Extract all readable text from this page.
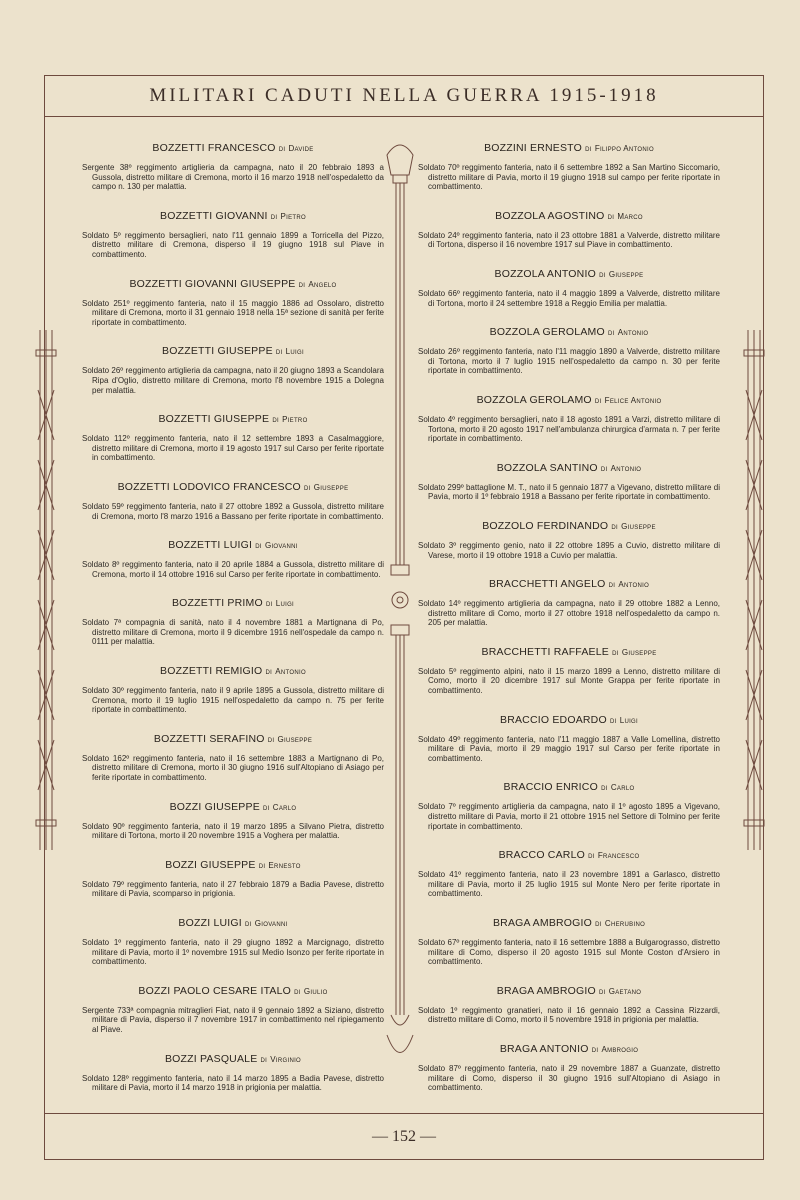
MILITARI CADUTI NELLA GUERRA 1915-1918
BOZZETTI FRANCESCO di Davide
Sergente 38º reggimento artiglieria da campagna, nato il 20 febbraio 1893 a Gussola, distretto militare di Cremona, morto il 16 marzo 1918 nell'ospedaletto da campo n. 130 per malattia.
BOZZETTI GIOVANNI di Pietro
Soldato 5º reggimento bersaglieri, nato l'11 gennaio 1899 a Torricella del Pizzo, distretto militare di Cremona, disperso il 19 giugno 1918 sul Piave in combattimento.
BOZZETTI GIOVANNI GIUSEPPE di Angelo
Soldato 251º reggimento fanteria, nato il 15 maggio 1886 ad Ossolaro, distretto militare di Cremona, morto il 31 gennaio 1918 nella 15ª sezione di sanità per ferite riportate in combattimento.
BOZZETTI GIUSEPPE di Luigi
Soldato 26º reggimento artiglieria da campagna, nato il 20 giugno 1893 a Scandolara Ripa d'Oglio, distretto militare di Cremona, morto l'8 novembre 1915 a Dolegna per malattia.
BOZZETTI GIUSEPPE di Pietro
Soldato 112º reggimento fanteria, nato il 12 settembre 1893 a Casalmaggiore, distretto militare di Cremona, morto il 19 agosto 1917 sul Carso per ferite riportate in combattimento.
BOZZETTI LODOVICO FRANCESCO di Giuseppe
Soldato 59º reggimento fanteria, nato il 27 ottobre 1892 a Gussola, distretto militare di Cremona, morto l'8 marzo 1916 a Bassano per ferite riportate in combattimento.
BOZZETTI LUIGI di Giovanni
Soldato 8º reggimento fanteria, nato il 20 aprile 1884 a Gussola, distretto militare di Cremona, morto il 14 ottobre 1916 sul Carso per ferite riportate in combattimento.
BOZZETTI PRIMO di Luigi
Soldato 7ª compagnia di sanità, nato il 4 novembre 1881 a Martignana di Po, distretto militare di Cremona, morto il 9 dicembre 1916 nell'ospedale da campo n. 0111 per malattia.
BOZZETTI REMIGIO di Antonio
Soldato 30º reggimento fanteria, nato il 9 aprile 1895 a Gussola, distretto militare di Cremona, morto il 19 luglio 1915 nell'ospedaletto da campo n. 75 per ferite riportate in combattimento.
BOZZETTI SERAFINO di Giuseppe
Soldato 162º reggimento fanteria, nato il 16 settembre 1883 a Martignano di Po, distretto militare di Cremona, morto il 30 giugno 1916 sull'Altopiano di Asiago per ferite riportate in combattimento.
BOZZI GIUSEPPE di Carlo
Soldato 90º reggimento fanteria, nato il 19 marzo 1895 a Silvano Pietra, distretto militare di Tortona, morto il 20 novembre 1915 a Voghera per malattia.
BOZZI GIUSEPPE di Ernesto
Soldato 79º reggimento fanteria, nato il 27 febbraio 1879 a Badia Pavese, distretto militare di Pavia, scomparso in prigionia.
BOZZI LUIGI di Giovanni
Soldato 1º reggimento fanteria, nato il 29 giugno 1892 a Marcignago, distretto militare di Pavia, morto il 1º novembre 1915 sul Medio Isonzo per ferite riportate in combattimento.
BOZZI PAOLO CESARE ITALO di Giulio
Sergente 733ª compagnia mitraglieri Fiat, nato il 9 gennaio 1892 a Siziano, distretto militare di Pavia, disperso il 7 novembre 1917 in combattimento nel ripiegamento al Piave.
BOZZI PASQUALE di Virginio
Soldato 128º reggimento fanteria, nato il 14 marzo 1895 a Badia Pavese, distretto militare di Pavia, morto il 14 marzo 1918 in prigionia per malattia.
BOZZINI ERNESTO di Filippo Antonio
Soldato 70º reggimento fanteria, nato il 6 settembre 1892 a San Martino Siccomario, distretto militare di Pavia, morto il 19 giugno 1918 sul campo per ferite riportate in combattimento.
BOZZOLA AGOSTINO di Marco
Soldato 24º reggimento fanteria, nato il 23 ottobre 1881 a Valverde, distretto militare di Tortona, disperso il 16 novembre 1917 sul Piave in combattimento.
BOZZOLA ANTONIO di Giuseppe
Soldato 66º reggimento fanteria, nato il 4 maggio 1899 a Valverde, distretto militare di Tortona, morto il 24 settembre 1918 a Reggio Emilia per malattia.
BOZZOLA GEROLAMO di Antonio
Soldato 26º reggimento fanteria, nato l'11 maggio 1890 a Valverde, distretto militare di Tortona, morto il 7 luglio 1915 nell'ospedaletto da campo n. 30 per ferite riportate in combattimento.
BOZZOLA GEROLAMO di Felice Antonio
Soldato 4º reggimento bersaglieri, nato il 18 agosto 1891 a Varzi, distretto militare di Tortona, morto il 20 agosto 1917 nell'ambulanza chirurgica d'armata n. 7 per ferite riportate in combattimento.
BOZZOLA SANTINO di Antonio
Soldato 299º battaglione M. T., nato il 5 gennaio 1877 a Vigevano, distretto militare di Pavia, morto il 1º febbraio 1918 a Bassano per ferite riportate in combattimento.
BOZZOLO FERDINANDO di Giuseppe
Soldato 3º reggimento genio, nato il 22 ottobre 1895 a Cuvio, distretto militare di Varese, morto il 19 ottobre 1918 a Cuvio per malattia.
BRACCHETTI ANGELO di Antonio
Soldato 14º reggimento artiglieria da campagna, nato il 29 ottobre 1882 a Lenno, distretto militare di Como, morto il 27 ottobre 1918 nell'ospedaletto da campo n. 205 per malattia.
BRACCHETTI RAFFAELE di Giuseppe
Soldato 5º reggimento alpini, nato il 15 marzo 1899 a Lenno, distretto militare di Como, morto il 20 dicembre 1917 sul Monte Grappa per ferite riportate in combattimento.
BRACCIO EDOARDO di Luigi
Soldato 49º reggimento fanteria, nato l'11 maggio 1887 a Valle Lomellina, distretto militare di Pavia, morto il 29 maggio 1917 sul Carso per ferite riportate in combattimento.
BRACCIO ENRICO di Carlo
Soldato 7º reggimento artiglieria da campagna, nato il 1º agosto 1895 a Vigevano, distretto militare di Pavia, morto il 21 ottobre 1915 nel Settore di Tolmino per ferite riportate in combattimento.
BRACCO CARLO di Francesco
Soldato 41º reggimento fanteria, nato il 23 novembre 1891 a Garlasco, distretto militare di Pavia, morto il 25 luglio 1915 sul Monte Nero per ferite riportate in combattimento.
BRAGA AMBROGIO di Cherubino
Soldato 67º reggimento fanteria, nato il 16 settembre 1888 a Bulgarograsso, distretto militare di Como, disperso il 20 agosto 1915 sul Monte Coston d'Arsiero in combattimento.
BRAGA AMBROGIO di Gaetano
Soldato 1º reggimento granatieri, nato il 16 gennaio 1892 a Cassina Rizzardi, distretto militare di Como, morto il 5 novembre 1918 in prigionia per malattia.
BRAGA ANTONIO di Ambrogio
Soldato 87º reggimento fanteria, nato il 29 novembre 1887 a Guanzate, distretto militare di Como, disperso il 30 giugno 1916 sull'Altopiano di Asiago in combattimento.
— 152 —
